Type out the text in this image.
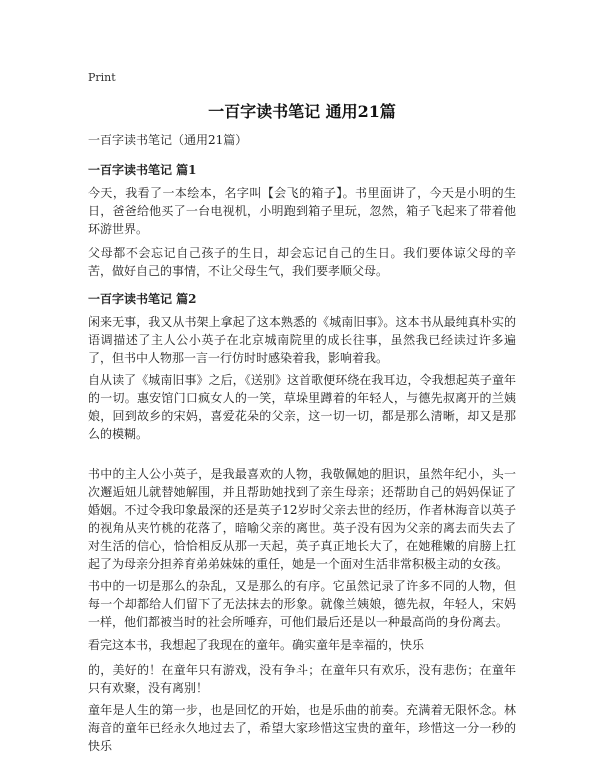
Print
一百字读书笔记 通用21篇

一百字读书笔记（通用21篇）

一百字读书笔记 篇1

今天，我看了一本绘本，名字叫【会飞的箱子】。书里面讲了，今天是小明的生日，爸爸给他买了一台电视机，小明跑到箱子里玩，忽然，箱子飞起来了带着他环游世界。

父母都不会忘记自己孩子的生日，却会忘记自己的生日。我们要体谅父母的辛苦，做好自己的事情，不让父母生气，我们要孝顺父母。

一百字读书笔记 篇2

闲来无事，我又从书架上拿起了这本熟悉的《城南旧事》。这本书从最纯真朴实的语调描述了主人公小英子在北京城南院里的成长往事，虽然我已经读过许多遍了，但书中人物那一言一行仿时时感染着我，影响着我。

自从读了《城南旧事》之后，《送别》这首歌便环绕在我耳边，令我想起英子童年的一切。惠安馆门口疯女人的一笑，草垛里蹲着的年轻人，与德先叔离开的兰姨娘，回到故乡的宋妈，喜爱花朵的父亲，这一切一切，都是那么清晰，却又是那么的模糊。

书中的主人公小英子，是我最喜欢的人物，我敬佩她的胆识，虽然年纪小，头一次邂逅妞儿就替她解围，并且帮助她找到了亲生母亲；还帮助自己的妈妈保证了婚姻。不过令我印象最深的还是英子12岁时父亲去世的经历，作者林海音以英子的视角从夹竹桃的花落了，暗喻父亲的离世。英子没有因为父亲的离去而失去了对生活的信心，恰恰相反从那一天起，英子真正地长大了，在她稚嫩的肩膀上扛起了为母亲分担养育弟弟妹妹的重任，她是一个面对生活非常积极主动的女孩。

书中的一切是那么的杂乱，又是那么的有序。它虽然记录了许多不同的人物，但每一个却都给人们留下了无法抹去的形象。就像兰姨娘，德先叔，年轻人，宋妈一样，他们都被当时的社会所唾弃，可他们最后还是以一种最高尚的身份离去。

看完这本书，我想起了我现在的童年。确实童年是幸福的，快乐

的，美好的！在童年只有游戏，没有争斗；在童年只有欢乐，没有悲伤；在童年只有欢聚，没有离别！

童年是人生的第一步，也是回忆的开始，也是乐曲的前奏。充满着无限怀念。林海音的童年已经永久地过去了，希望大家珍惜这宝贵的童年，珍惜这一分一秒的快乐
